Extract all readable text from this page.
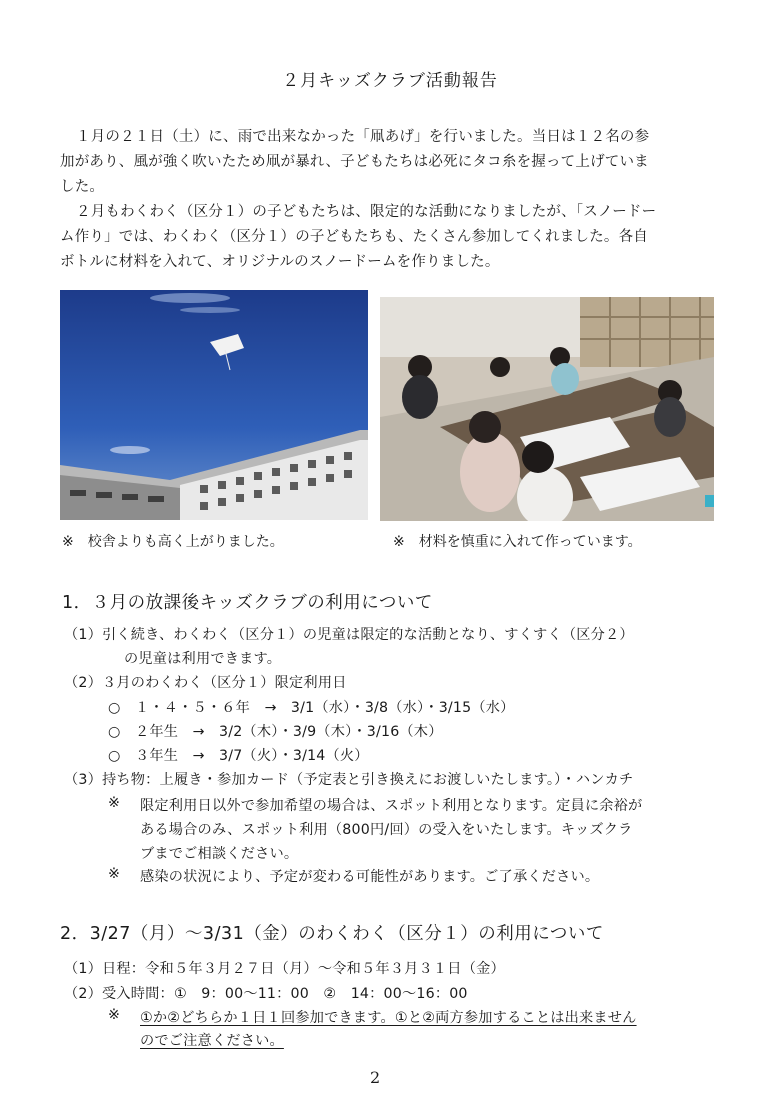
２月キッズクラブ活動報告
１月の２１日（土）に、雨で出来なかった「凧あげ」を行いました。当日は１２名の参
加があり、風が強く吹いたため凧が暴れ、子どもたちは必死にタコ糸を握って上げていま
した。
２月もわくわく（区分１）の子どもたちは、限定的な活動になりましたが、「スノードー
ム作り」では、わくわく（区分１）の子どもたちも、たくさん参加してくれました。各自
ボトルに材料を入れて、オリジナルのスノードームを作りました。
※　校舎よりも高く上がりました。	※　材料を慎重に入れて作っています。
1．３月の放課後キッズクラブの利用について
（1）引く続き、わくわく（区分１）の児童は限定的な活動となり、すくすく（区分２）
の児童は利用できます。
（2）３月のわくわく（区分１）限定利用日
○　１・４・５・６年　→　3/1（水）・3/8（水）・3/15（水）
○　２年生　→　3/2（木）・3/9（木）・3/16（木）
○　３年生　→　3/7（火）・3/14（火）
（3）持ち物：上履き・参加カード（予定表と引き換えにお渡しいたします。）・ハンカチ
※ 限定利用日以外で参加希望の場合は、スポット利用となります。定員に余裕が
ある場合のみ、スポット利用（800円/回）の受入をいたします。キッズクラ
ブまでご相談ください。
※ 感染の状況により、予定が変わる可能性があります。ご了承ください。
2．3/27（月）～3/31（金）のわくわく（区分１）の利用について
（1）日程：令和５年３月２７日（月）～令和５年３月３１日（金）
（2）受入時間：①　9：00～11：00　②　14：00～16：00
※ ①か②どちらか１日１回参加できます。①と②両方参加することは出来ません
のでご注意ください。
2
